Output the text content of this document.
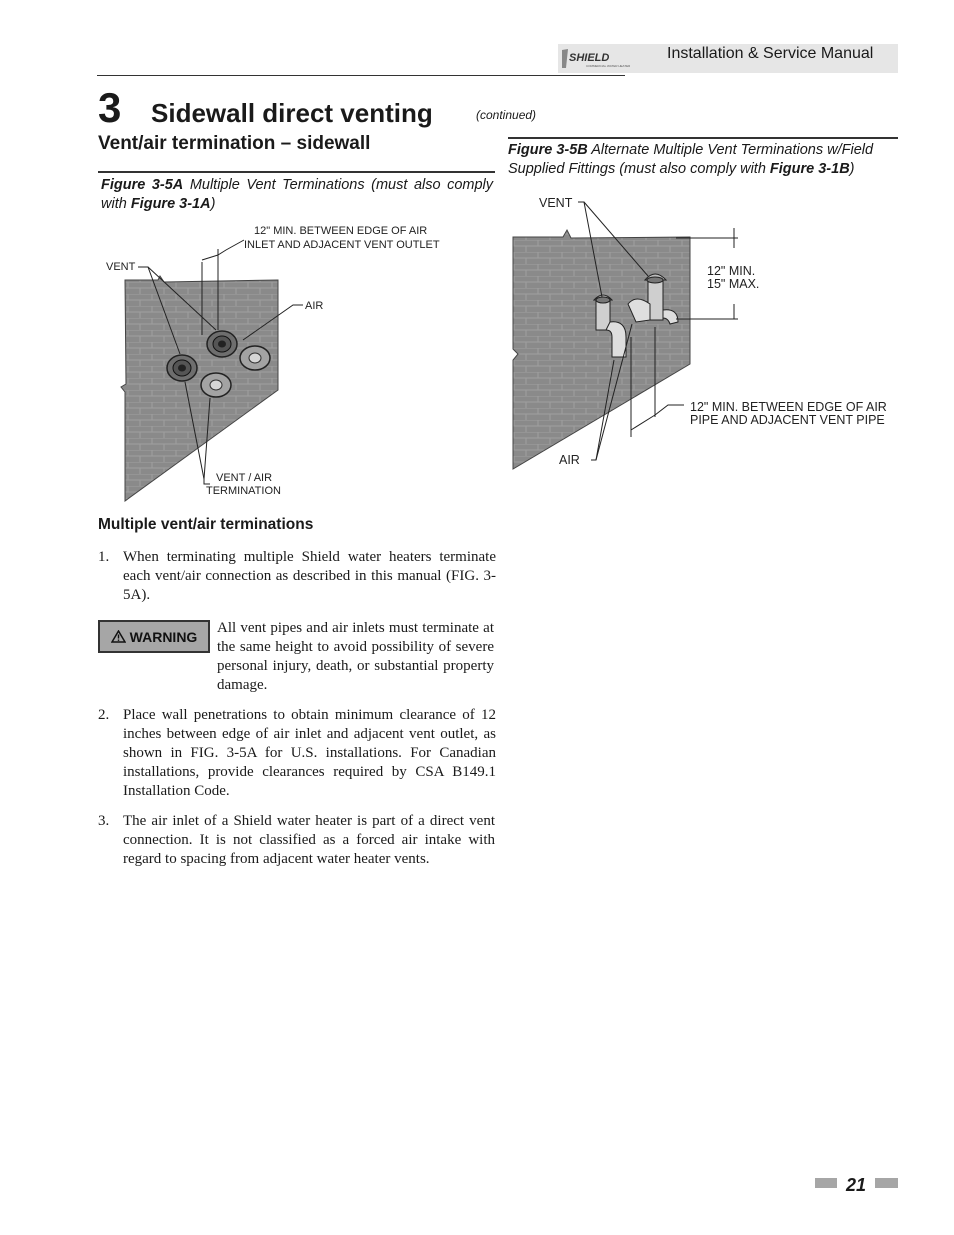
SHIELD
COMMERCIAL WATER HEATER
Installation & Service Manual
3 Sidewall direct venting	(continued)
Vent/air termination – sidewall
Figure 3-5A Multiple Vent Terminations (must also comply with Figure 3-1A)
Figure 3-5B Alternate Multiple Vent Terminations w/Field Supplied Fittings (must also comply with Figure 3-1B)
12" MIN. BETWEEN EDGE OF AIR
INLET AND ADJACENT VENT OUTLET
VENT
AIR
VENT / AIR
TERMINATION
VENT
12" MIN.
15" MAX.
12" MIN. BETWEEN EDGE OF AIR
PIPE AND ADJACENT VENT PIPE
AIR
Multiple vent/air terminations
1. When terminating multiple Shield water heaters terminate each vent/air connection as described in this manual (FIG. 3-5A).
WARNING
All vent pipes and air inlets must terminate at the same height to avoid possibility of severe personal injury, death, or substantial property damage.
2. Place wall penetrations to obtain minimum clearance of 12 inches between edge of air inlet and adjacent vent outlet, as shown in FIG. 3-5A for U.S. installations. For Canadian installations, provide clearances required by CSA B149.1 Installation Code.
3. The air inlet of a Shield water heater is part of a direct vent connection. It is not classified as a forced air intake with regard to spacing from adjacent water heater vents.
21
